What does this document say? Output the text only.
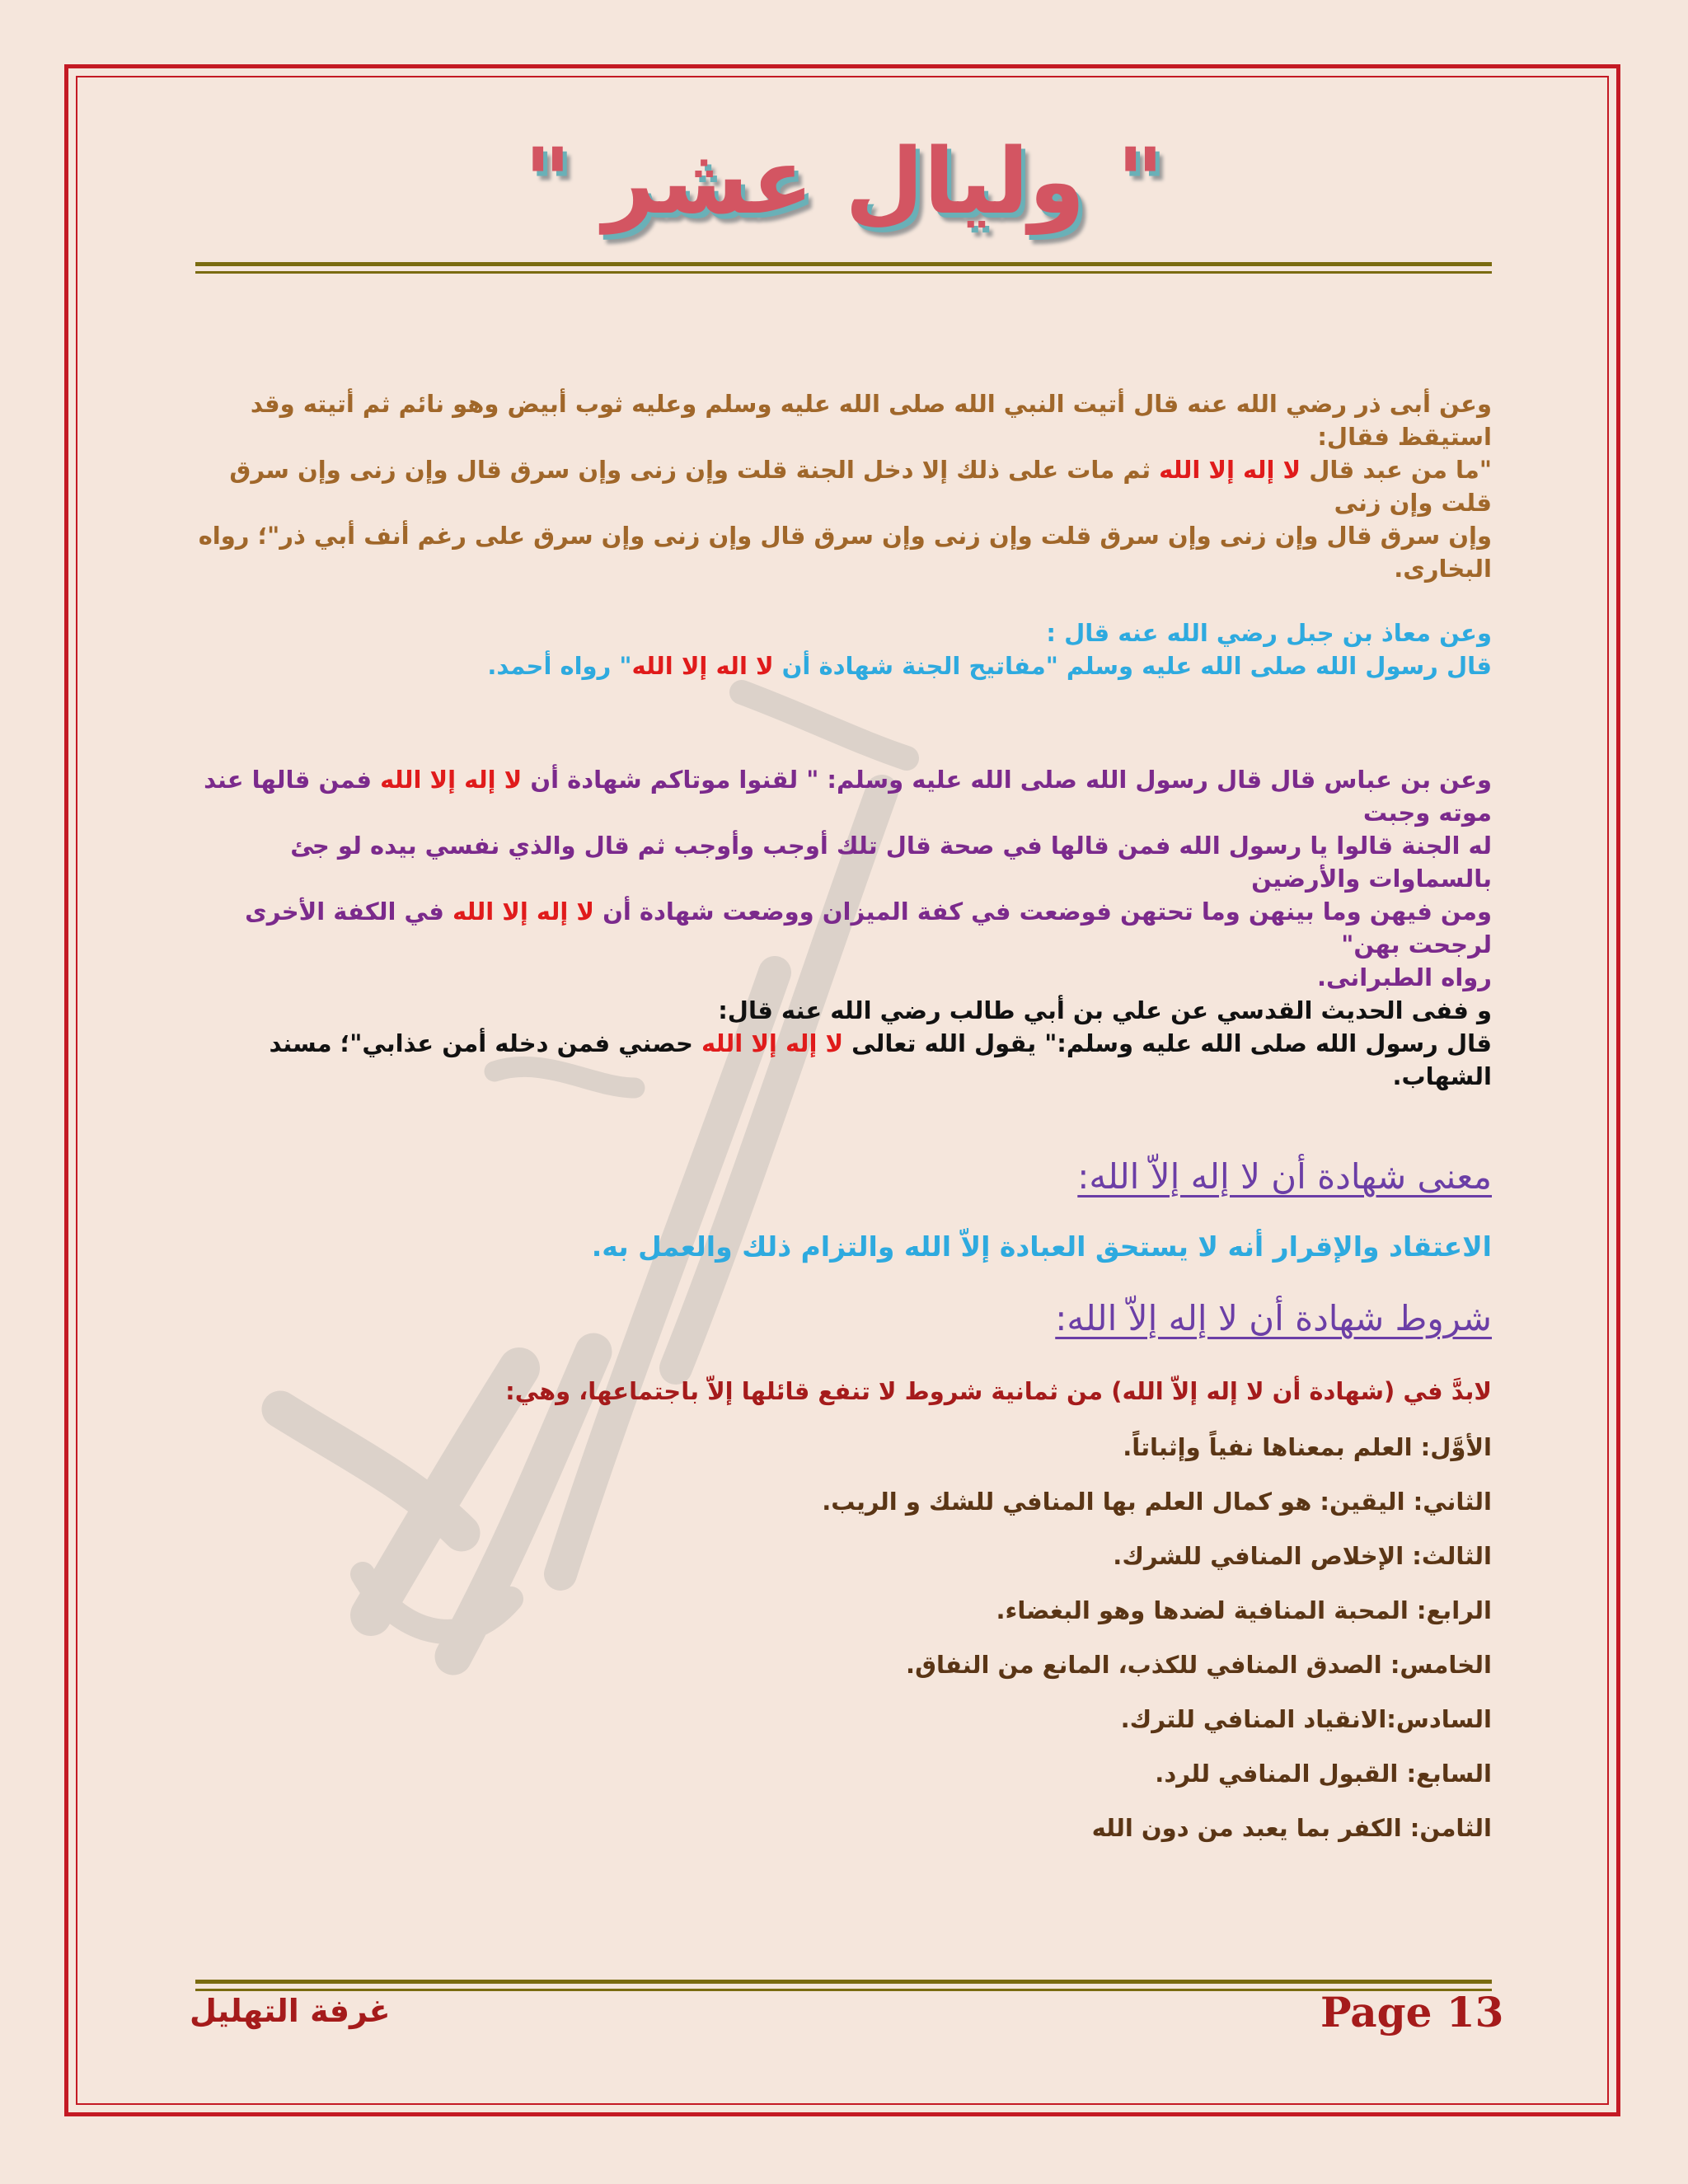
" وليال عشر "
وعن أبى ذر رضي الله عنه قال أتيت النبي الله صلى الله عليه وسلم وعليه ثوب أبيض وهو نائم ثم أتيته وقد استيقظ فقال:
"ما من عبد قال لا إله إلا الله ثم مات على ذلك إلا دخل الجنة قلت وإن زنى وإن سرق قال وإن زنى وإن سرق قلت وإن زنى
وإن سرق قال وإن زنى وإن سرق قلت وإن زنى وإن سرق قال وإن زنى وإن سرق على رغم أنف أبي ذر"؛ رواه البخارى.
وعن معاذ بن جبل رضي الله عنه قال :
قال رسول الله صلى الله عليه وسلم "مفاتيح الجنة شهادة أن لا اله إلا الله" رواه أحمد.
وعن بن عباس قال قال رسول الله صلى الله عليه وسلم: " لقنوا موتاكم شهادة أن لا إله إلا الله فمن قالها عند موته وجبت
له الجنة قالوا يا رسول الله فمن قالها في صحة قال تلك أوجب وأوجب ثم قال والذي نفسي بيده لو جئ بالسماوات والأرضين
ومن فيهن وما بينهن وما تحتهن فوضعت في كفة الميزان ووضعت شهادة أن لا إله إلا الله في الكفة الأخرى لرجحت بهن"
رواه الطبرانى.
و ففى الحديث القدسي عن علي بن أبي طالب رضي الله عنه قال:
قال رسول الله صلى الله عليه وسلم:" يقول الله تعالى لا إله إلا الله حصني فمن دخله أمن عذابي"؛ مسند الشهاب.
معنى شهادة أن لا إله إلاّ الله:
الاعتقاد والإقرار أنه لا يستحق العبادة إلاّ الله والتزام ذلك والعمل به.
شروط شهادة أن لا إله إلاّ الله:
لابدَّ في (شهادة أن لا إله إلاّ الله) من ثمانية شروط لا تنفع قائلها إلاّ باجتماعها، وهي:
الأوَّل: العلم بمعناها نفياً وإثباتاً.
الثاني: اليقين: هو كمال العلم بها المنافي للشك و الريب.
الثالث: الإخلاص المنافي للشرك.
الرابع: المحبة المنافية لضدها وهو البغضاء.
الخامس: الصدق المنافي للكذب، المانع من النفاق.
السادس:الانقياد المنافي للترك.
السابع: القبول المنافي للرد.
الثامن: الكفر بما يعبد من دون الله
غرفة التهليل	Page 13
